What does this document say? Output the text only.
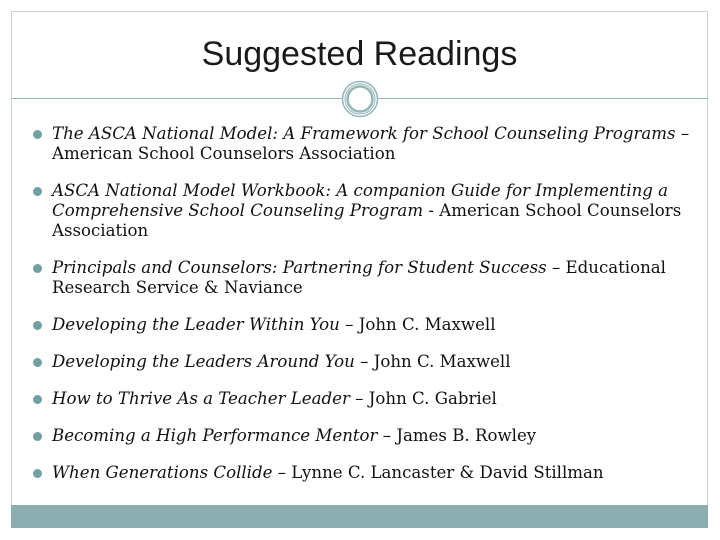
Suggested Readings
The ASCA National Model: A Framework for School Counseling Programs – American School Counselors Association
ASCA National Model Workbook: A companion Guide for Implementing a Comprehensive School Counseling Program - American School Counselors Association
Principals and Counselors: Partnering for Student Success – Educational Research Service & Naviance
Developing the Leader Within You – John C. Maxwell
Developing the Leaders Around You – John C. Maxwell
How to Thrive As a Teacher Leader – John C. Gabriel
Becoming a High Performance Mentor – James B. Rowley
When Generations Collide – Lynne C. Lancaster & David Stillman
